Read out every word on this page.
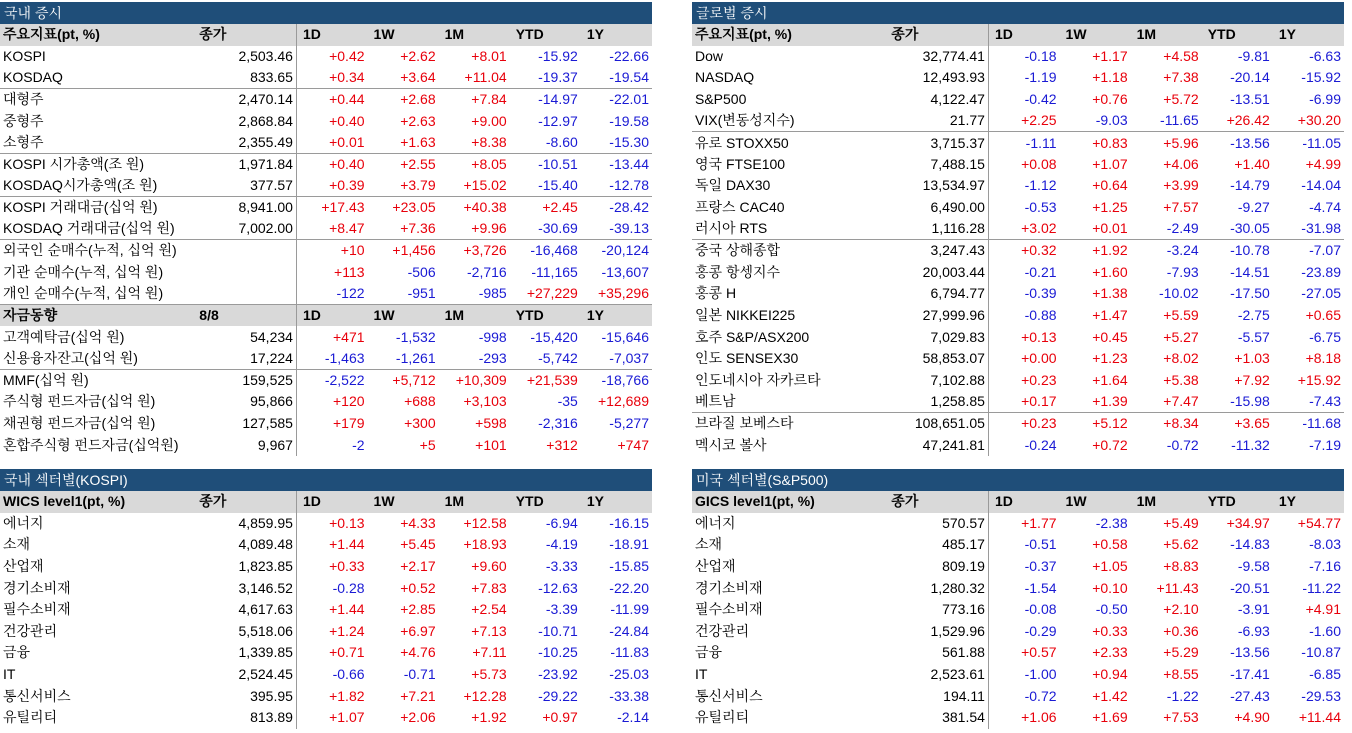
국내 증시
주요지표(pt, %)	종가	1D	1W	1M	YTD	1Y
KOSPI	2,503.46	+0.42	+2.62	+8.01	-15.92	-22.66
KOSDAQ	833.65	+0.34	+3.64	+11.04	-19.37	-19.54
대형주	2,470.14	+0.44	+2.68	+7.84	-14.97	-22.01
중형주	2,868.84	+0.40	+2.63	+9.00	-12.97	-19.58
소형주	2,355.49	+0.01	+1.63	+8.38	-8.60	-15.30
KOSPI 시가총액(조 원)	1,971.84	+0.40	+2.55	+8.05	-10.51	-13.44
KOSDAQ시가총액(조 원)	377.57	+0.39	+3.79	+15.02	-15.40	-12.78
KOSPI 거래대금(십억 원)	8,941.00	+17.43	+23.05	+40.38	+2.45	-28.42
KOSDAQ 거래대금(십억 원)	7,002.00	+8.47	+7.36	+9.96	-30.69	-39.13
외국인 순매수(누적, 십억 원)		+10	+1,456	+3,726	-16,468	-20,124
기관 순매수(누적, 십억 원)		+113	-506	-2,716	-11,165	-13,607
개인 순매수(누적, 십억 원)		-122	-951	-985	+27,229	+35,296
자금동향	8/8	1D	1W	1M	YTD	1Y
고객예탁금(십억 원)	54,234	+471	-1,532	-998	-15,420	-15,646
신용융자잔고(십억 원)	17,224	-1,463	-1,261	-293	-5,742	-7,037
MMF(십억 원)	159,525	-2,522	+5,712	+10,309	+21,539	-18,766
주식형 펀드자금(십억 원)	95,866	+120	+688	+3,103	-35	+12,689
채권형 펀드자금(십억 원)	127,585	+179	+300	+598	-2,316	-5,277
혼합주식형 펀드자금(십억원)	9,967	-2	+5	+101	+312	+747
글로벌 증시
주요지표(pt, %)	종가	1D	1W	1M	YTD	1Y
Dow	32,774.41	-0.18	+1.17	+4.58	-9.81	-6.63
NASDAQ	12,493.93	-1.19	+1.18	+7.38	-20.14	-15.92
S&P500	4,122.47	-0.42	+0.76	+5.72	-13.51	-6.99
VIX(변동성지수)	21.77	+2.25	-9.03	-11.65	+26.42	+30.20
유로 STOXX50	3,715.37	-1.11	+0.83	+5.96	-13.56	-11.05
영국 FTSE100	7,488.15	+0.08	+1.07	+4.06	+1.40	+4.99
독일 DAX30	13,534.97	-1.12	+0.64	+3.99	-14.79	-14.04
프랑스 CAC40	6,490.00	-0.53	+1.25	+7.57	-9.27	-4.74
러시아 RTS	1,116.28	+3.02	+0.01	-2.49	-30.05	-31.98
중국 상해종합	3,247.43	+0.32	+1.92	-3.24	-10.78	-7.07
홍콩 항셍지수	20,003.44	-0.21	+1.60	-7.93	-14.51	-23.89
홍콩 H	6,794.77	-0.39	+1.38	-10.02	-17.50	-27.05
일본 NIKKEI225	27,999.96	-0.88	+1.47	+5.59	-2.75	+0.65
호주 S&P/ASX200	7,029.83	+0.13	+0.45	+5.27	-5.57	-6.75
인도 SENSEX30	58,853.07	+0.00	+1.23	+8.02	+1.03	+8.18
인도네시아 자카르타	7,102.88	+0.23	+1.64	+5.38	+7.92	+15.92
베트남	1,258.85	+0.17	+1.39	+7.47	-15.98	-7.43
브라질 보베스타	108,651.05	+0.23	+5.12	+8.34	+3.65	-11.68
멕시코 볼사	47,241.81	-0.24	+0.72	-0.72	-11.32	-7.19
국내 섹터별(KOSPI)
WICS level1(pt, %)	종가	1D	1W	1M	YTD	1Y
에너지	4,859.95	+0.13	+4.33	+12.58	-6.94	-16.15
소재	4,089.48	+1.44	+5.45	+18.93	-4.19	-18.91
산업재	1,823.85	+0.33	+2.17	+9.60	-3.33	-15.85
경기소비재	3,146.52	-0.28	+0.52	+7.83	-12.63	-22.20
필수소비재	4,617.63	+1.44	+2.85	+2.54	-3.39	-11.99
건강관리	5,518.06	+1.24	+6.97	+7.13	-10.71	-24.84
금융	1,339.85	+0.71	+4.76	+7.11	-10.25	-11.83
IT	2,524.45	-0.66	-0.71	+5.73	-23.92	-25.03
통신서비스	395.95	+1.82	+7.21	+12.28	-29.22	-33.38
유틸리티	813.89	+1.07	+2.06	+1.92	+0.97	-2.14
미국 섹터별(S&P500)
GICS level1(pt, %)	종가	1D	1W	1M	YTD	1Y
에너지	570.57	+1.77	-2.38	+5.49	+34.97	+54.77
소재	485.17	-0.51	+0.58	+5.62	-14.83	-8.03
산업재	809.19	-0.37	+1.05	+8.83	-9.58	-7.16
경기소비재	1,280.32	-1.54	+0.10	+11.43	-20.51	-11.22
필수소비재	773.16	-0.08	-0.50	+2.10	-3.91	+4.91
건강관리	1,529.96	-0.29	+0.33	+0.36	-6.93	-1.60
금융	561.88	+0.57	+2.33	+5.29	-13.56	-10.87
IT	2,523.61	-1.00	+0.94	+8.55	-17.41	-6.85
통신서비스	194.11	-0.72	+1.42	-1.22	-27.43	-29.53
유틸리티	381.54	+1.06	+1.69	+7.53	+4.90	+11.44
